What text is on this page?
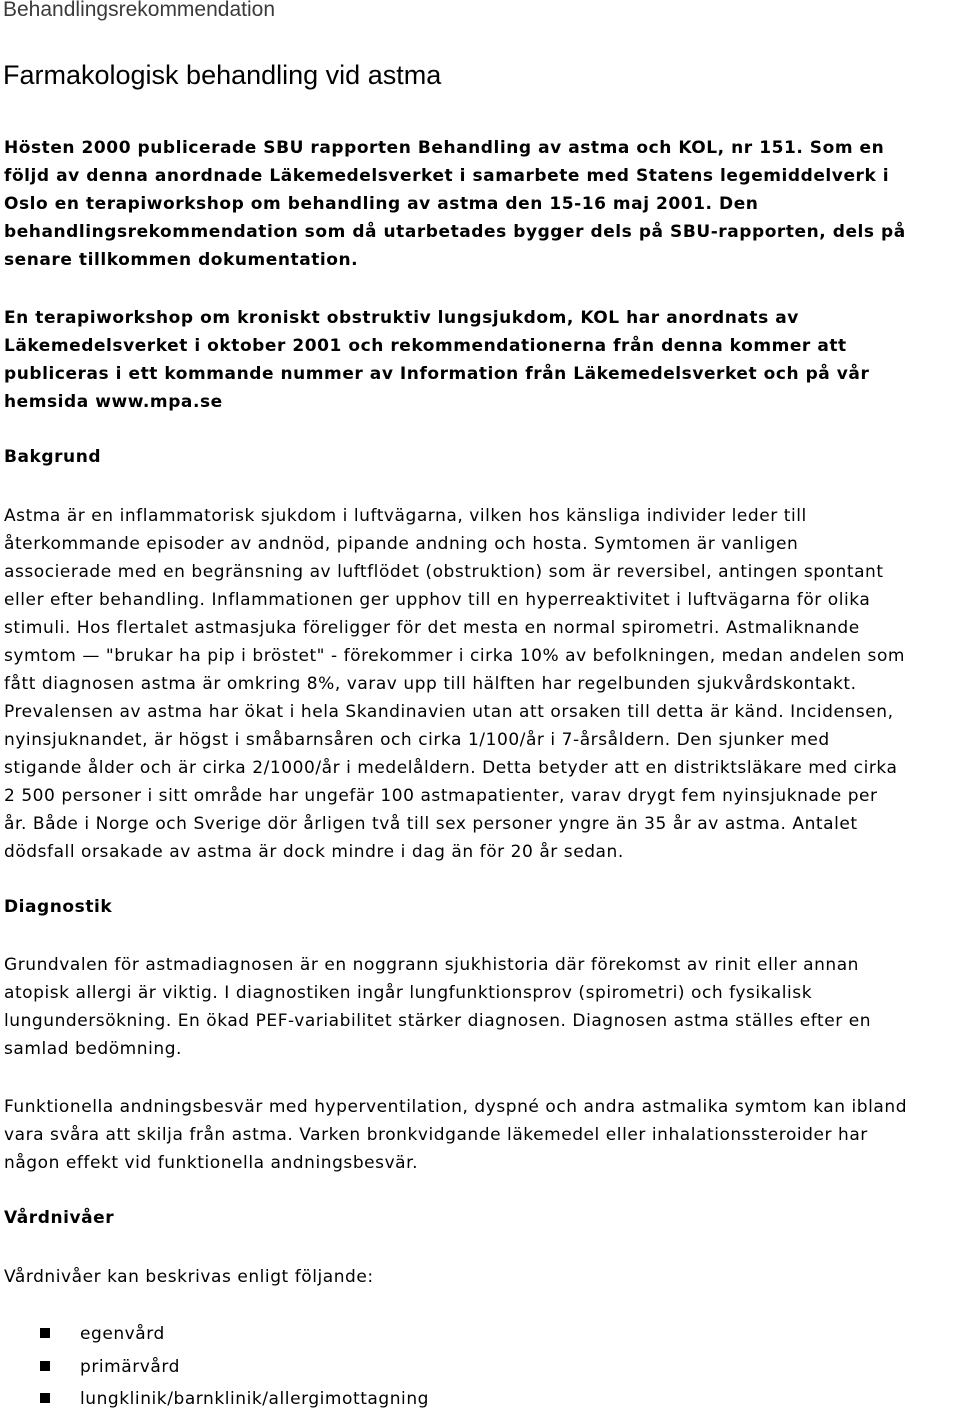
Behandlingsrekommendation
Farmakologisk behandling vid astma

Hösten 2000 publicerade SBU rapporten Behandling av astma och KOL, nr 151. Som en
följd av denna anordnade Läkemedelsverket i samarbete med Statens legemiddelverk i
Oslo en terapiworkshop om behandling av astma den 15-16 maj 2001. Den
behandlingsrekommendation som då utarbetades bygger dels på SBU-rapporten, dels på
senare tillkommen dokumentation.

En terapiworkshop om kroniskt obstruktiv lungsjukdom, KOL har anordnats av
Läkemedelsverket i oktober 2001 och rekommendationerna från denna kommer att
publiceras i ett kommande nummer av Information från Läkemedelsverket och på vår
hemsida www.mpa.se

Bakgrund

Astma är en inflammatorisk sjukdom i luftvägarna, vilken hos känsliga individer leder till
återkommande episoder av andnöd, pipande andning och hosta. Symtomen är vanligen
associerade med en begränsning av luftflödet (obstruktion) som är reversibel, antingen spontant
eller efter behandling. Inflammationen ger upphov till en hyperreaktivitet i luftvägarna för olika
stimuli. Hos flertalet astmasjuka föreligger för det mesta en normal spirometri. Astmaliknande
symtom — "brukar ha pip i bröstet" - förekommer i cirka 10% av befolkningen, medan andelen som
fått diagnosen astma är omkring 8%, varav upp till hälften har regelbunden sjukvårdskontakt.
Prevalensen av astma har ökat i hela Skandinavien utan att orsaken till detta är känd. Incidensen,
nyinsjuknandet, är högst i småbarnsåren och cirka 1/100/år i 7-årsåldern. Den sjunker med
stigande ålder och är cirka 2/1000/år i medelåldern. Detta betyder att en distriktsläkare med cirka
2 500 personer i sitt område har ungefär 100 astmapatienter, varav drygt fem nyinsjuknade per
år. Både i Norge och Sverige dör årligen två till sex personer yngre än 35 år av astma. Antalet
dödsfall orsakade av astma är dock mindre i dag än för 20 år sedan.

Diagnostik

Grundvalen för astmadiagnosen är en noggrann sjukhistoria där förekomst av rinit eller annan
atopisk allergi är viktig. I diagnostiken ingår lungfunktionsprov (spirometri) och fysikalisk
lungundersökning. En ökad PEF-variabilitet stärker diagnosen. Diagnosen astma ställes efter en
samlad bedömning.

Funktionella andningsbesvär med hyperventilation, dyspné och andra astmalika symtom kan ibland
vara svåra att skilja från astma. Varken bronkvidgande läkemedel eller inhalationssteroider har
någon effekt vid funktionella andningsbesvär.

Vårdnivåer

Vårdnivåer kan beskrivas enligt följande:

egenvård
primärvård
lungklinik/barnklinik/allergimottagning
